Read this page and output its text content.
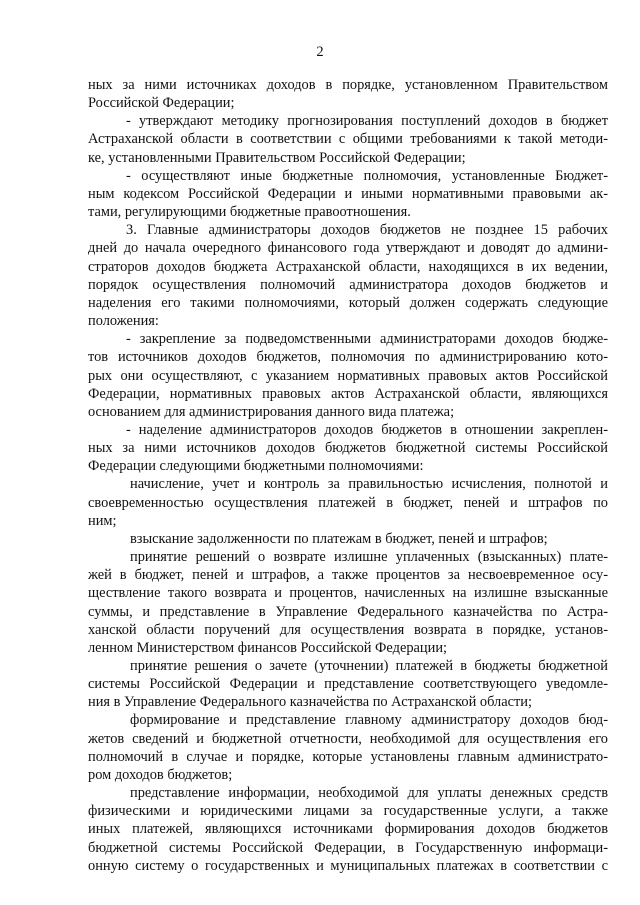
2
ных за ними источниках доходов в порядке, установленном Правительством
Российской Федерации;
- утверждают методику прогнозирования поступлений доходов в бюджет
Астраханской области в соответствии с общими требованиями к такой методи-
ке, установленными Правительством Российской Федерации;
- осуществляют иные бюджетные полномочия, установленные Бюджет-
ным кодексом Российской Федерации и иными нормативными правовыми ак-
тами, регулирующими бюджетные правоотношения.
3. Главные администраторы доходов бюджетов не позднее 15 рабочих
дней до начала очередного финансового года утверждают и доводят до админи-
страторов доходов бюджета Астраханской области, находящихся в их ведении,
порядок осуществления полномочий администратора доходов бюджетов и
наделения его такими полномочиями, который должен содержать следующие
положения:
- закрепление за подведомственными администраторами доходов бюдже-
тов источников доходов бюджетов, полномочия по администрированию кото-
рых они осуществляют, с указанием нормативных правовых актов Российской
Федерации, нормативных правовых актов Астраханской области, являющихся
основанием для администрирования данного вида платежа;
- наделение администраторов доходов бюджетов в отношении закреплен-
ных за ними источников доходов бюджетов бюджетной системы Российской
Федерации следующими бюджетными полномочиями:
начисление, учет и контроль за правильностью исчисления, полнотой и
своевременностью осуществления платежей в бюджет, пеней и штрафов по
ним;
взыскание задолженности по платежам в бюджет, пеней и штрафов;
принятие решений о возврате излишне уплаченных (взысканных) плате-
жей в бюджет, пеней и штрафов, а также процентов за несвоевременное осу-
ществление такого возврата и процентов, начисленных на излишне взысканные
суммы, и представление в Управление Федерального казначейства по Астра-
ханской области поручений для осуществления возврата в порядке, установ-
ленном Министерством финансов Российской Федерации;
принятие решения о зачете (уточнении) платежей в бюджеты бюджетной
системы Российской Федерации и представление соответствующего уведомле-
ния в Управление Федерального казначейства по Астраханской области;
формирование и представление главному администратору доходов бюд-
жетов сведений и бюджетной отчетности, необходимой для осуществления его
полномочий в случае и порядке, которые установлены главным администрато-
ром доходов бюджетов;
представление информации, необходимой для уплаты денежных средств
физическими и юридическими лицами за государственные услуги, а также
иных платежей, являющихся источниками формирования доходов бюджетов
бюджетной системы Российской Федерации, в Государственную информаци-
онную систему о государственных и муниципальных платежах в соответствии с
